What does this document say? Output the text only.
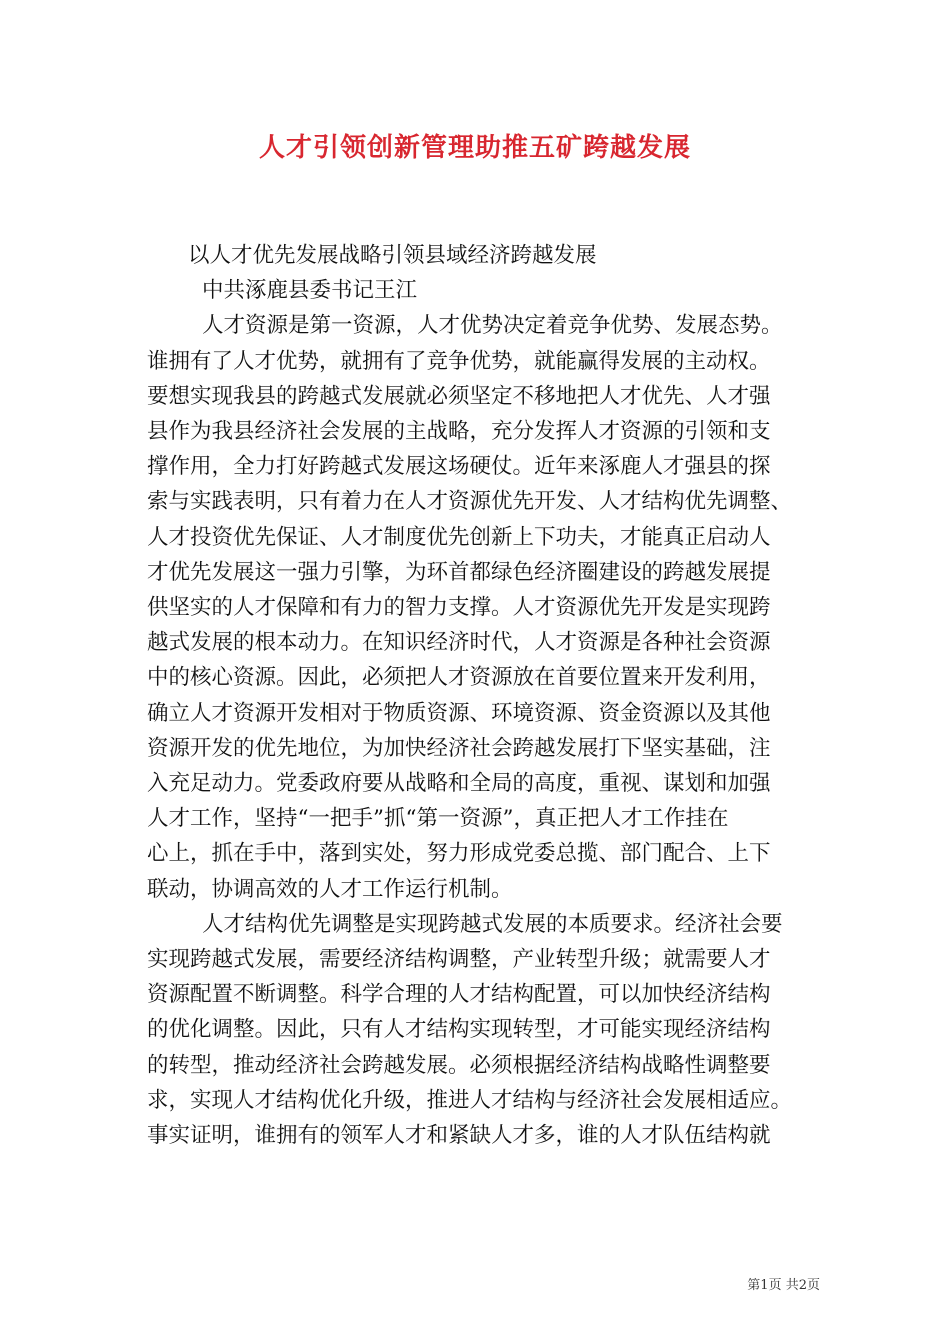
人才引领创新管理助推五矿跨越发展
以人才优先发展战略引领县域经济跨越发展
中共涿鹿县委书记王江
人才资源是第一资源，人才优势决定着竞争优势、发展态势。
谁拥有了人才优势，就拥有了竞争优势，就能赢得发展的主动权。
要想实现我县的跨越式发展就必须坚定不移地把人才优先、人才强
县作为我县经济社会发展的主战略，充分发挥人才资源的引领和支
撑作用，全力打好跨越式发展这场硬仗。近年来涿鹿人才强县的探
索与实践表明，只有着力在人才资源优先开发、人才结构优先调整、
人才投资优先保证、人才制度优先创新上下功夫，才能真正启动人
才优先发展这一强力引擎，为环首都绿色经济圈建设的跨越发展提
供坚实的人才保障和有力的智力支撑。人才资源优先开发是实现跨
越式发展的根本动力。在知识经济时代，人才资源是各种社会资源
中的核心资源。因此，必须把人才资源放在首要位置来开发利用，
确立人才资源开发相对于物质资源、环境资源、资金资源以及其他
资源开发的优先地位，为加快经济社会跨越发展打下坚实基础，注
入充足动力。党委政府要从战略和全局的高度，重视、谋划和加强
人才工作，坚持“一把手”抓“第一资源”，真正把人才工作挂在
心上，抓在手中，落到实处，努力形成党委总揽、部门配合、上下
联动，协调高效的人才工作运行机制。
人才结构优先调整是实现跨越式发展的本质要求。经济社会要
实现跨越式发展，需要经济结构调整，产业转型升级；就需要人才
资源配置不断调整。科学合理的人才结构配置，可以加快经济结构
的优化调整。因此，只有人才结构实现转型，才可能实现经济结构
的转型，推动经济社会跨越发展。必须根据经济结构战略性调整要
求，实现人才结构优化升级，推进人才结构与经济社会发展相适应。
事实证明，谁拥有的领军人才和紧缺人才多，谁的人才队伍结构就
第1页 共2页
